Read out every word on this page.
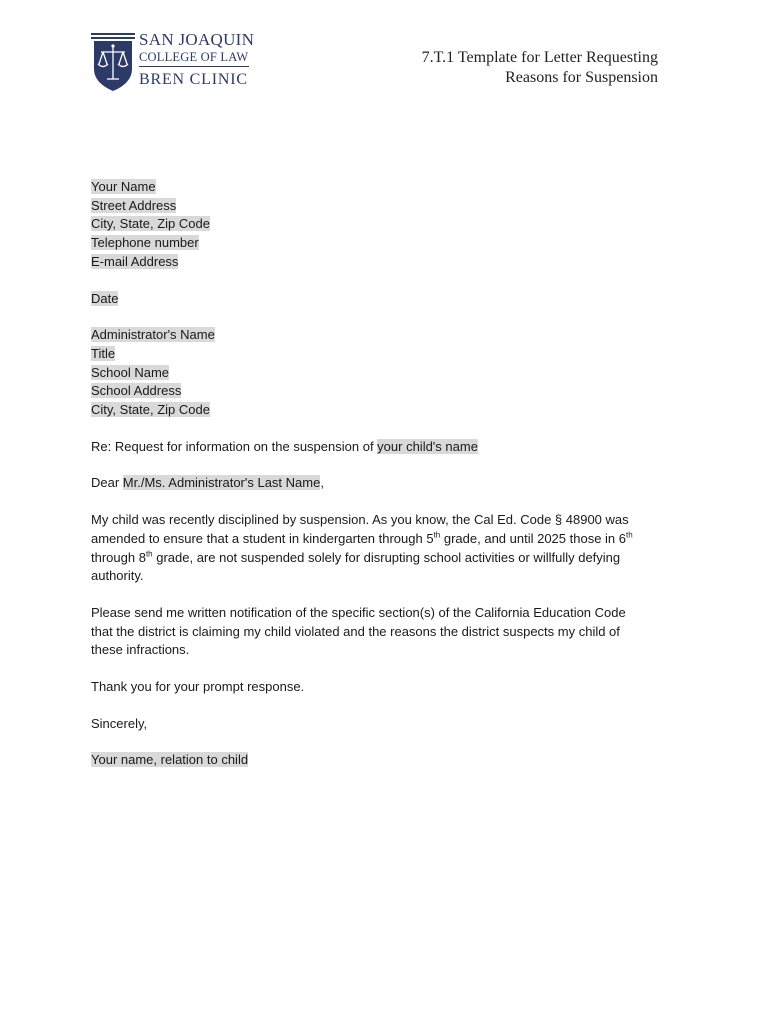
SAN JOAQUIN
COLLEGE OF LAW
BREN CLINIC
7.T.1 Template for Letter Requesting
Reasons for Suspension
Your Name
Street Address
City, State, Zip Code
Telephone number
E-mail Address
Date
Administrator's Name
Title
School Name
School Address
City, State, Zip Code
Re: Request for information on the suspension of your child's name
Dear Mr./Ms. Administrator's Last Name,

My child was recently disciplined by suspension. As you know, the Cal Ed. Code § 48900 was
amended to ensure that a student in kindergarten through 5th grade, and until 2025 those in 6th
through 8th grade, are not suspended solely for disrupting school activities or willfully defying
authority.

Please send me written notification of the specific section(s) of the California Education Code
that the district is claiming my child violated and the reasons the district suspects my child of
these infractions.

Thank you for your prompt response.
Sincerely,
Your name, relation to child
